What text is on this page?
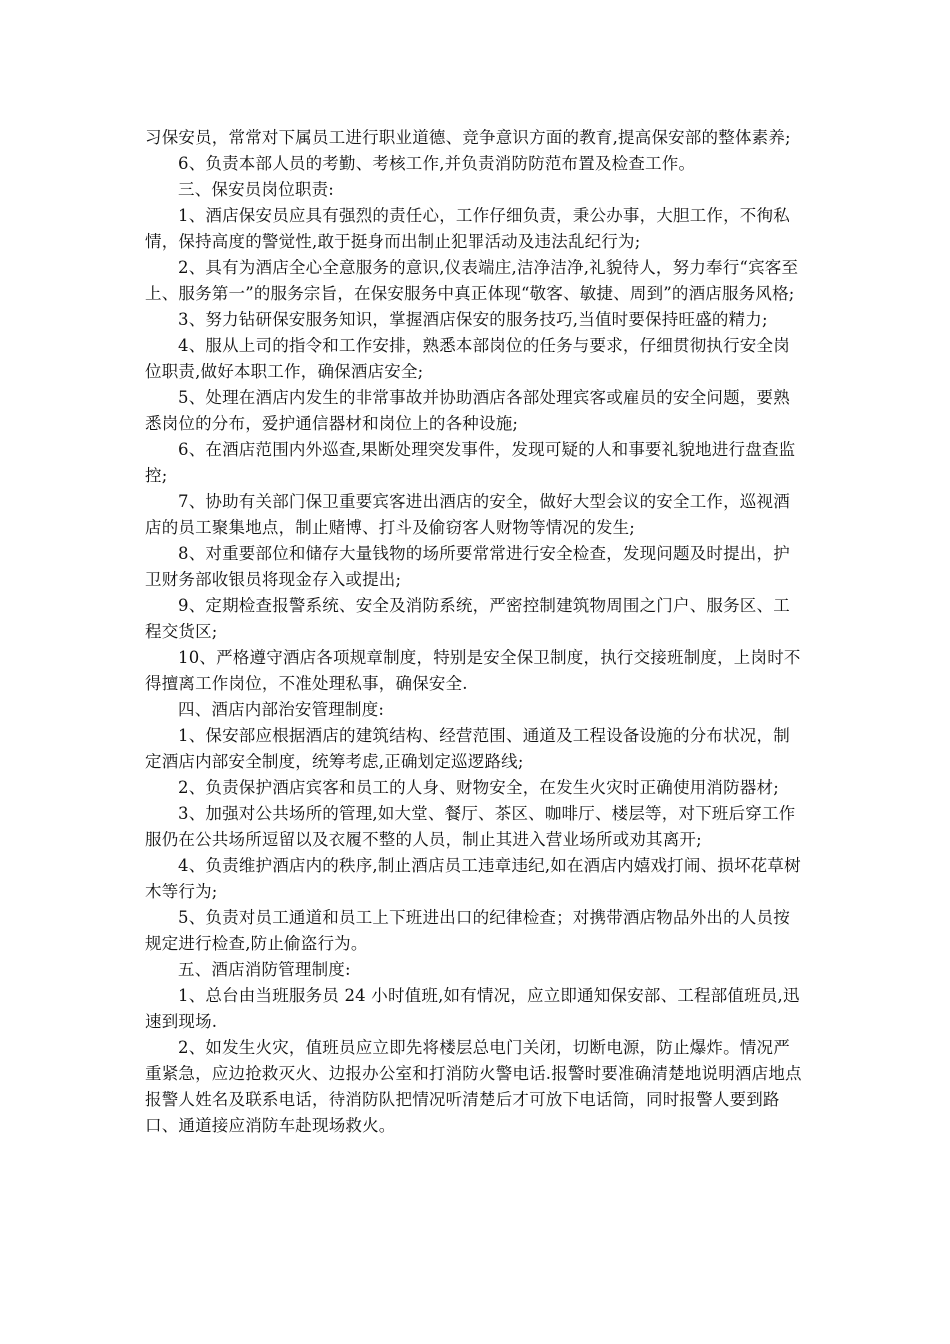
习保安员，常常对下属员工进行职业道德、竞争意识方面的教育,提高保安部的整体素养;

6、负责本部人员的考勤、考核工作,并负责消防防范布置及检查工作。

三、保安员岗位职责:

1、酒店保安员应具有强烈的责任心，工作仔细负责，秉公办事，大胆工作，不徇私情，保持高度的警觉性,敢于挺身而出制止犯罪活动及违法乱纪行为;

2、具有为酒店全心全意服务的意识,仪表端庄,洁净洁净,礼貌待人，努力奉行“宾客至上、服务第一”的服务宗旨，在保安服务中真正体现“敬客、敏捷、周到”的酒店服务风格;

3、努力钻研保安服务知识，掌握酒店保安的服务技巧,当值时要保持旺盛的精力;

4、服从上司的指令和工作安排，熟悉本部岗位的任务与要求，仔细贯彻执行安全岗位职责,做好本职工作，确保酒店安全;

5、处理在酒店内发生的非常事故并协助酒店各部处理宾客或雇员的安全问题，要熟悉岗位的分布，爱护通信器材和岗位上的各种设施;

6、在酒店范围内外巡查,果断处理突发事件，发现可疑的人和事要礼貌地进行盘查监控;

7、协助有关部门保卫重要宾客进出酒店的安全，做好大型会议的安全工作，巡视酒店的员工聚集地点，制止赌博、打斗及偷窃客人财物等情况的发生;

8、对重要部位和储存大量钱物的场所要常常进行安全检查，发现问题及时提出，护卫财务部收银员将现金存入或提出;

9、定期检查报警系统、安全及消防系统，严密控制建筑物周围之门户、服务区、工程交货区;

10、严格遵守酒店各项规章制度，特别是安全保卫制度，执行交接班制度，上岗时不得擅离工作岗位，不准处理私事，确保安全.

四、酒店内部治安管理制度:

1、保安部应根据酒店的建筑结构、经营范围、通道及工程设备设施的分布状况，制定酒店内部安全制度，统筹考虑,正确划定巡逻路线;

2、负责保护酒店宾客和员工的人身、财物安全，在发生火灾时正确使用消防器材;

3、加强对公共场所的管理,如大堂、餐厅、茶区、咖啡厅、楼层等，对下班后穿工作服仍在公共场所逗留以及衣履不整的人员，制止其进入营业场所或劝其离开;

4、负责维护酒店内的秩序,制止酒店员工违章违纪,如在酒店内嬉戏打闹、损坏花草树木等行为;

5、负责对员工通道和员工上下班进出口的纪律检查；对携带酒店物品外出的人员按规定进行检查,防止偷盗行为。

五、酒店消防管理制度:

1、总台由当班服务员 24 小时值班,如有情况，应立即通知保安部、工程部值班员,迅速到现场.

2、如发生火灾，值班员应立即先将楼层总电门关闭，切断电源，防止爆炸。情况严重紧急，应边抢救灭火、边报办公室和打消防火警电话.报警时要准确清楚地说明酒店地点报警人姓名及联系电话，待消防队把情况听清楚后才可放下电话筒，同时报警人要到路口、通道接应消防车赴现场救火。
